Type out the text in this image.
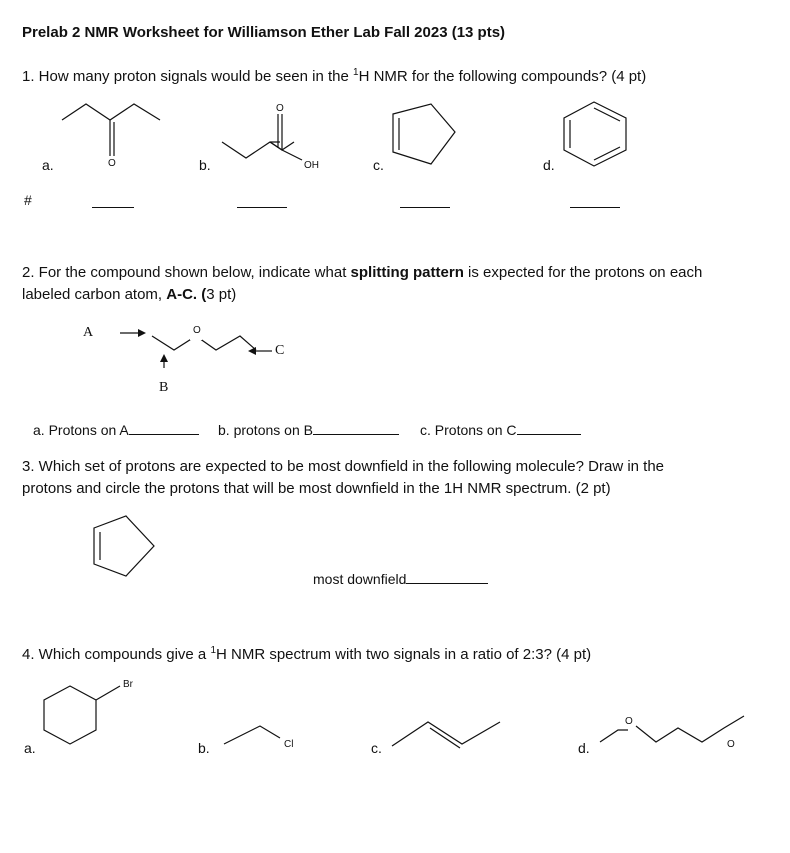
Prelab 2 NMR Worksheet for Williamson Ether Lab Fall 2023 (13 pts)
1. How many proton signals would be seen in the $^1$H NMR for the following compounds? (4 pt)
O
a.
O
OH
b.	c.	d.
#
2. For the compound shown below, indicate what splitting pattern is expected for the protons on each
labeled carbon atom, A-C. (3 pt)
A	O
B
C
a. Protons on A	b. protons on B	c. Protons on C
3. Which set of protons are expected to be most downfield in the following molecule? Draw in the
protons and circle the protons that will be most downfield in the 1H NMR spectrum. (2 pt)
most downfield
4. Which compounds give a $^1$H NMR spectrum with two signals in a ratio of 2:3? (4 pt)
Br
a.	Cl
b.	c.
O
O
d.
